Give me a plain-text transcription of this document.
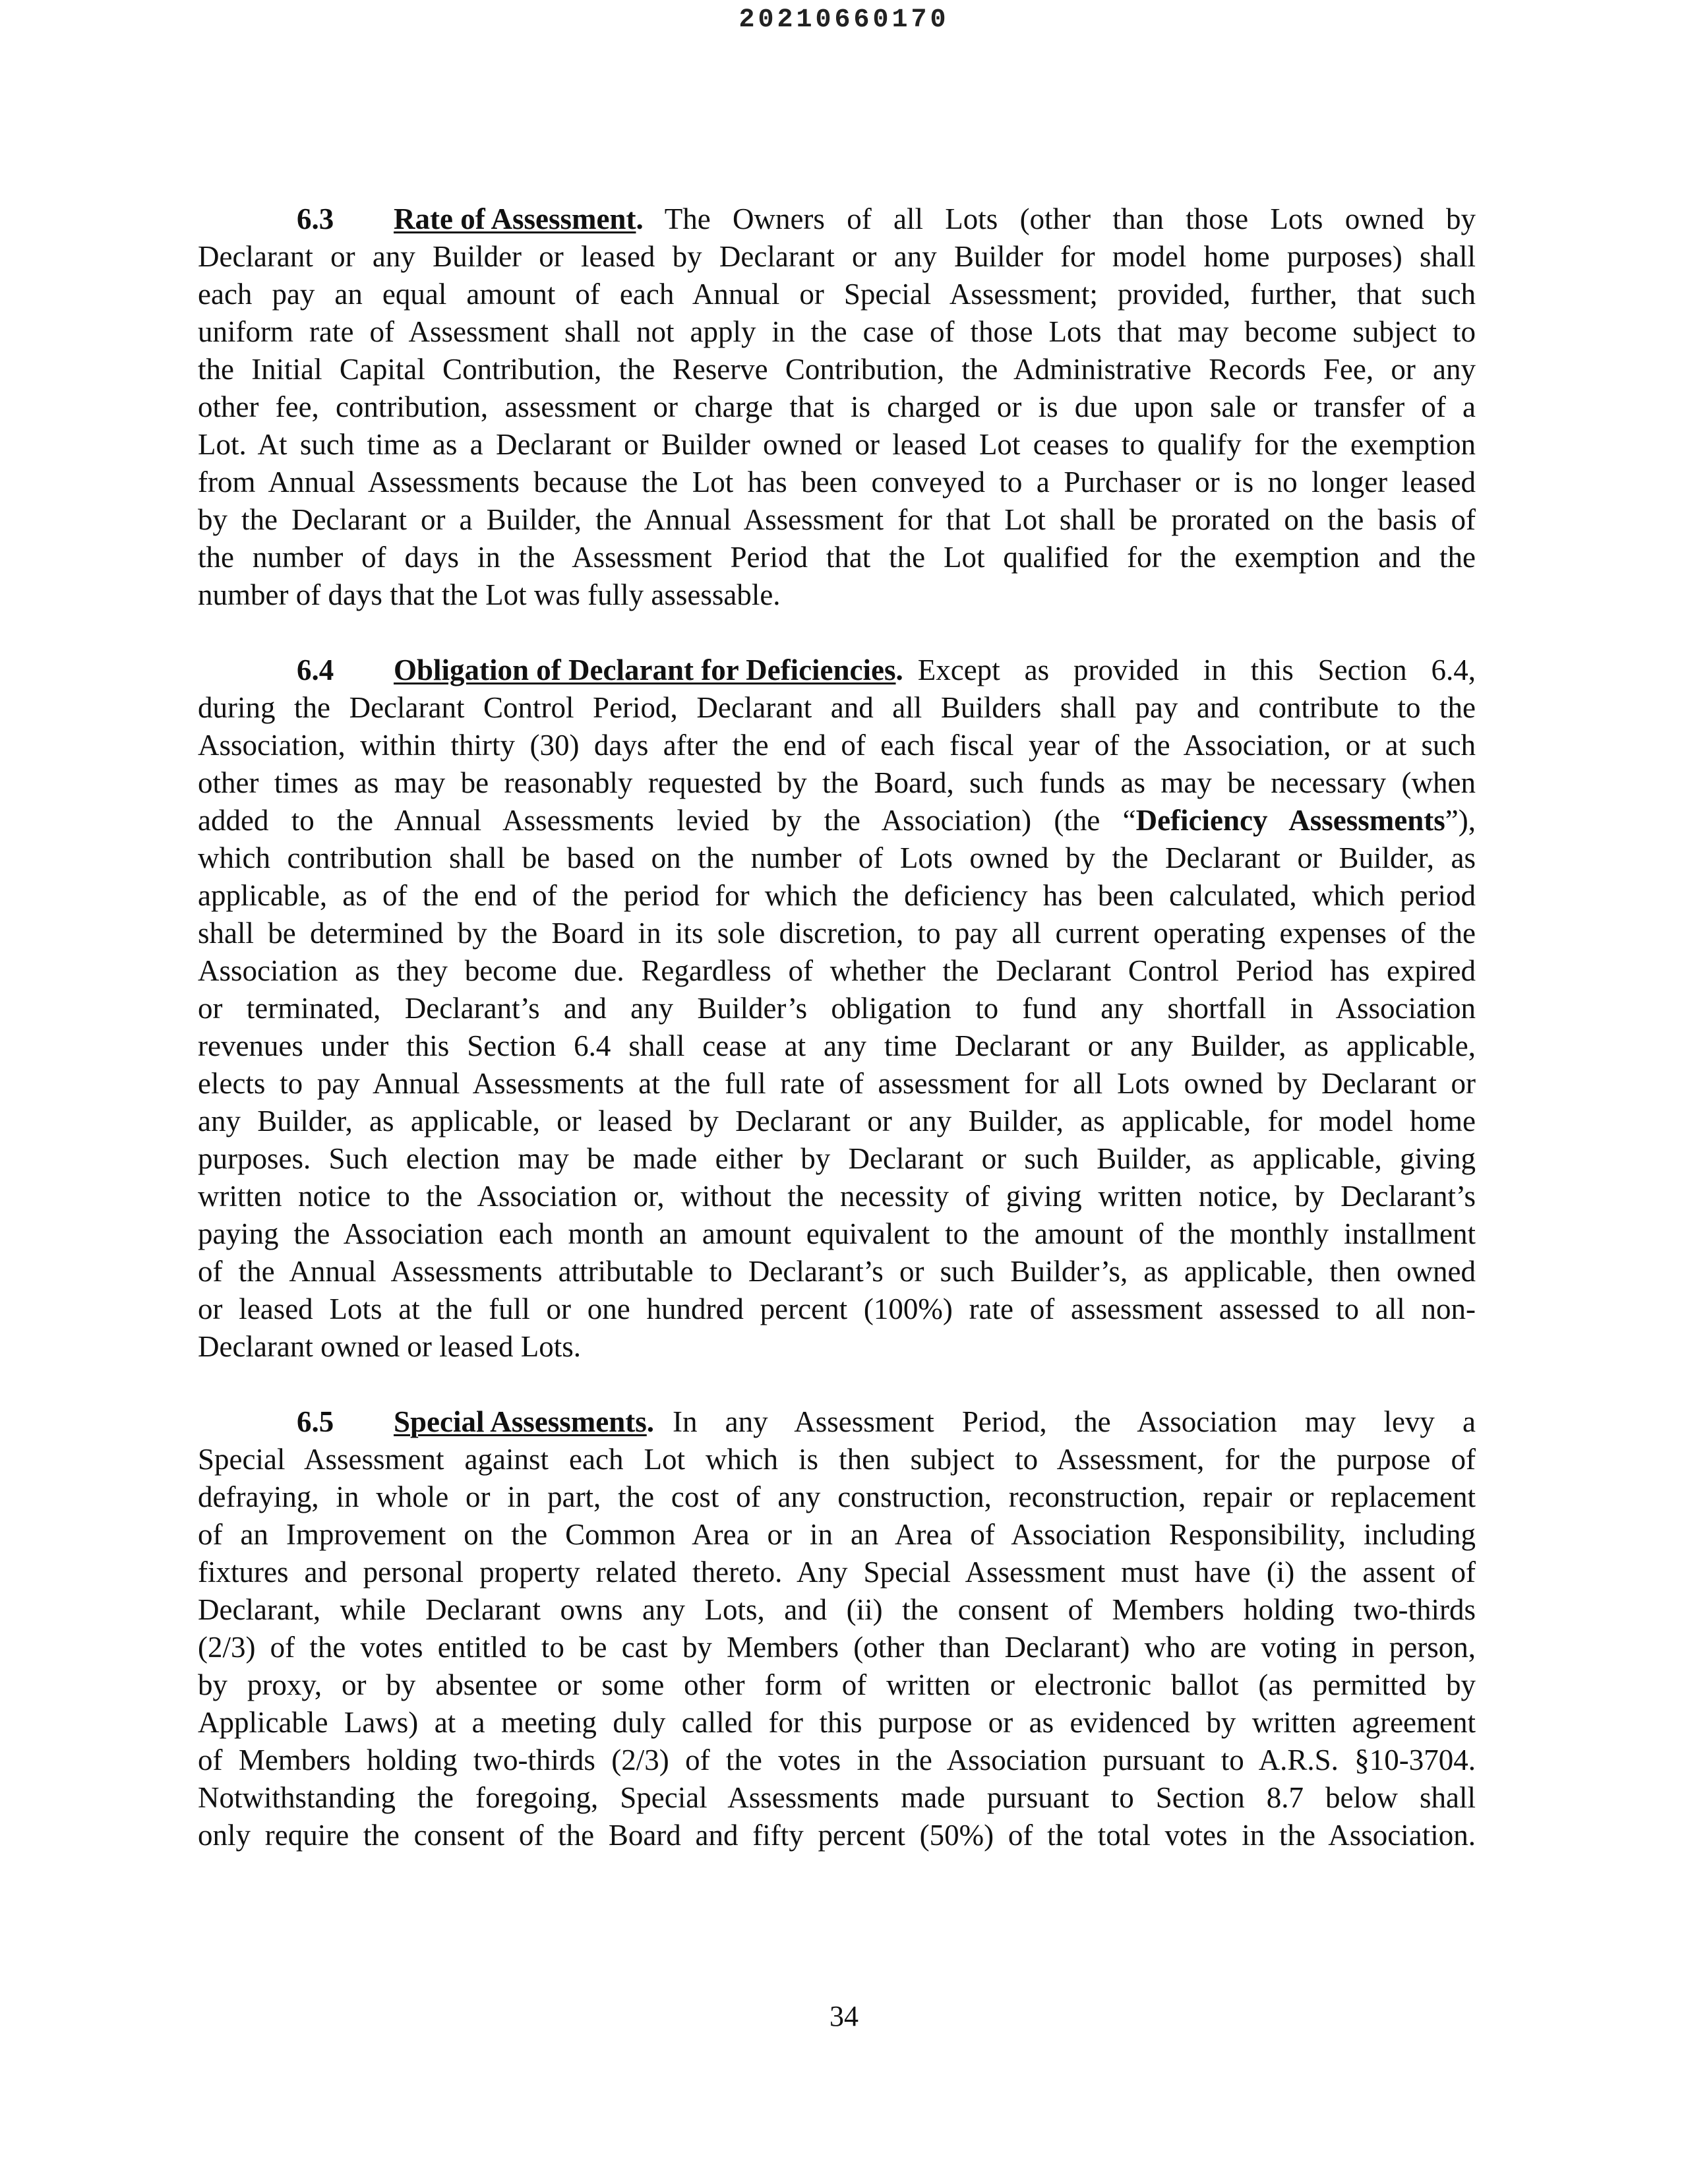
20210660170
6.3	Rate of Assessment . The Owners of all Lots (other than those Lots owned by
Declarant or any Builder or leased by Declarant or any Builder for model home purposes) shall
each pay an equal amount of each Annual or Special Assessment; provided, further, that such
uniform rate of Assessment shall not apply in the case of those Lots that may become subject to
the Initial Capital Contribution, the Reserve Contribution, the Administrative Records Fee, or any
other fee, contribution, assessment or charge that is charged or is due upon sale or transfer of a
Lot. At such time as a Declarant or Builder owned or leased Lot ceases to qualify for the exemption
from Annual Assessments because the Lot has been conveyed to a Purchaser or is no longer leased
by the Declarant or a Builder, the Annual Assessment for that Lot shall be prorated on the basis of
the number of days in the Assessment Period that the Lot qualified for the exemption and the
number of days that the Lot was fully assessable.
6.4	Obligation of Declarant for Deficiencies . Except as provided in this Section 6.4,
during the Declarant Control Period, Declarant and all Builders shall pay and contribute to the
Association, within thirty (30) days after the end of each fiscal year of the Association, or at such
other times as may be reasonably requested by the Board, such funds as may be necessary (when
added to the Annual Assessments levied by the Association) (the “Deficiency Assessments”),
which contribution shall be based on the number of Lots owned by the Declarant or Builder, as
applicable, as of the end of the period for which the deficiency has been calculated, which period
shall be determined by the Board in its sole discretion, to pay all current operating expenses of the
Association as they become due. Regardless of whether the Declarant Control Period has expired
or terminated, Declarant’s and any Builder’s obligation to fund any shortfall in Association
revenues under this Section 6.4 shall cease at any time Declarant or any Builder, as applicable,
elects to pay Annual Assessments at the full rate of assessment for all Lots owned by Declarant or
any Builder, as applicable, or leased by Declarant or any Builder, as applicable, for model home
purposes. Such election may be made either by Declarant or such Builder, as applicable, giving
written notice to the Association or, without the necessity of giving written notice, by Declarant’s
paying the Association each month an amount equivalent to the amount of the monthly installment
of the Annual Assessments attributable to Declarant’s or such Builder’s, as applicable, then owned
or leased Lots at the full or one hundred percent (100%) rate of assessment assessed to all non-
Declarant owned or leased Lots.
6.5	Special Assessments . In any Assessment Period, the Association may levy a
Special Assessment against each Lot which is then subject to Assessment, for the purpose of
defraying, in whole or in part, the cost of any construction, reconstruction, repair or replacement
of an Improvement on the Common Area or in an Area of Association Responsibility, including
fixtures and personal property related thereto. Any Special Assessment must have (i) the assent of
Declarant, while Declarant owns any Lots, and (ii) the consent of Members holding two-thirds
(2/3) of the votes entitled to be cast by Members (other than Declarant) who are voting in person,
by proxy, or by absentee or some other form of written or electronic ballot (as permitted by
Applicable Laws) at a meeting duly called for this purpose or as evidenced by written agreement
of Members holding two-thirds (2/3) of the votes in the Association pursuant to A.R.S. §10-3704.
Notwithstanding the foregoing, Special Assessments made pursuant to Section 8.7 below shall
only require the consent of the Board and fifty percent (50%) of the total votes in the Association.
34
